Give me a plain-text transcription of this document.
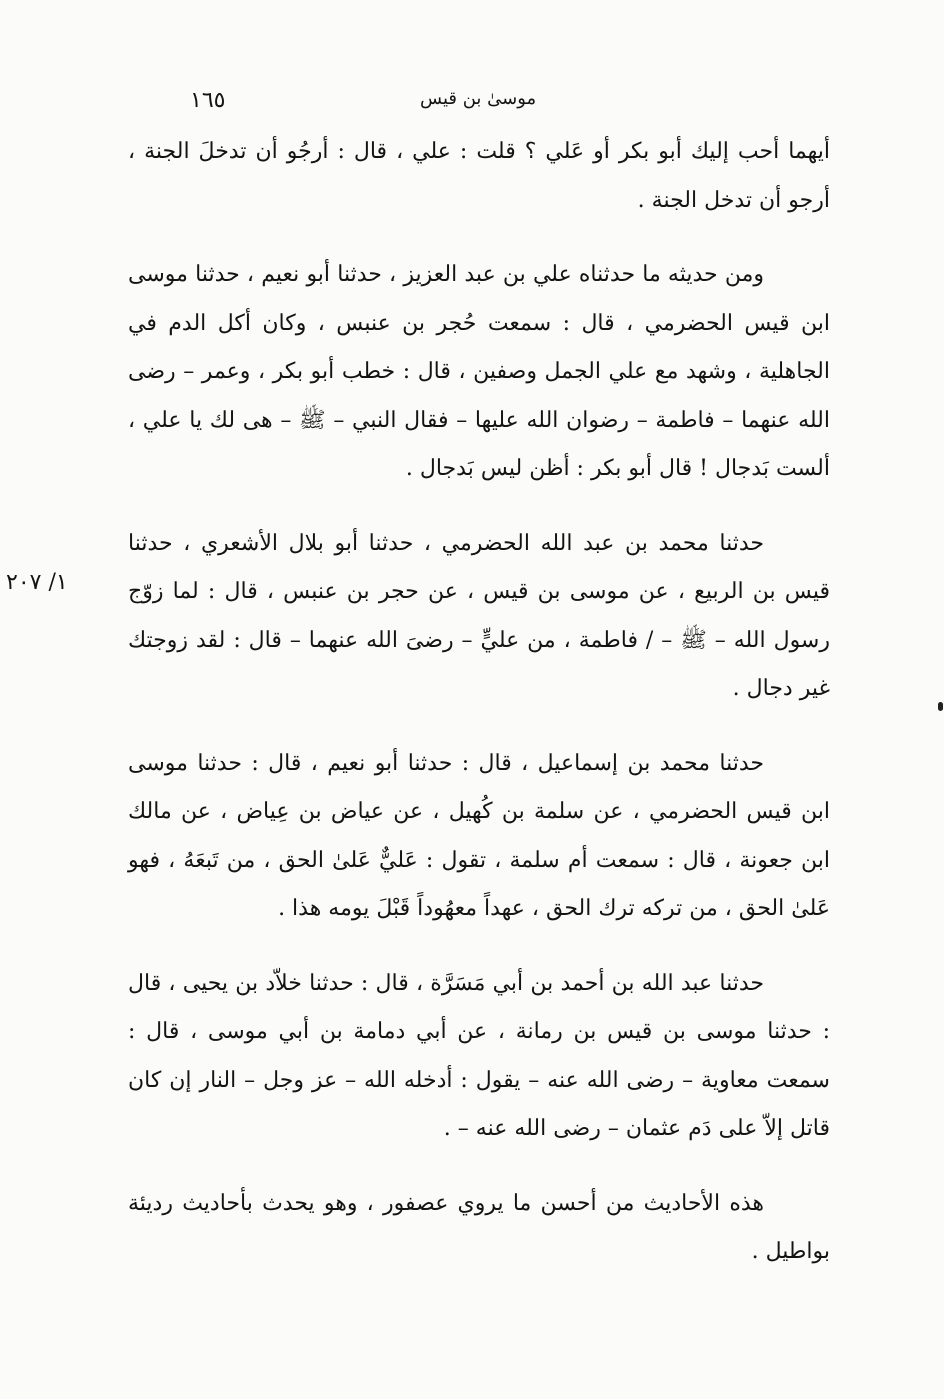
١٦٥	موسىٰ بن قيس
١/ ٢٠٧

أيهما أحب إليك أبو بكر أو عَلي ؟ قلت : علي ، قال : أرجُو أن تدخلَ الجنة ، أرجو أن تدخل الجنة .

ومن حديثه ما حدثناه علي بن عبد العزيز ، حدثنا أبو نعيم ، حدثنا موسى ابن قيس الحضرمي ، قال : سمعت حُجر بن عنبس ، وكان أكل الدم في الجاهلية ، وشهد مع علي الجمل وصفين ، قال : خطب أبو بكر ، وعمر – رضى الله عنهما – فاطمة – رضوان الله عليها – فقال النبي – ﷺ – هى لك يا علي ، ألست بَدجال ! قال أبو بكر : أظن ليس بَدجال .

حدثنا محمد بن عبد الله الحضرمي ، حدثنا أبو بلال الأشعري ، حدثنا قيس بن الربيع ، عن موسى بن قيس ، عن حجر بن عنبس ، قال : لما زوّج رسول الله – ﷺ – / فاطمة ، من عليٍّ – رضىَ الله عنهما – قال : لقد زوجتك غير دجال .

حدثنا محمد بن إسماعيل ، قال : حدثنا أبو نعيم ، قال : حدثنا موسى ابن قيس الحضرمي ، عن سلمة بن كُهيل ، عن عياض بن عِياض ، عن مالك ابن جعونة ، قال : سمعت أم سلمة ، تقول : عَليٌّ عَلىٰ الحق ، من تَبعَهُ ، فهو عَلىٰ الحق ، من تركه ترك الحق ، عهداً معهُوداً قَبْلَ يومه هذا .

حدثنا عبد الله بن أحمد بن أبي مَسَرَّة ، قال : حدثنا خلاّد بن يحيى ، قال : حدثنا موسى بن قيس بن رمانة ، عن أبي دمامة بن أبي موسى ، قال : سمعت معاوية – رضى الله عنه – يقول : أدخله الله – عز وجل – النار إن كان قاتل إلاّ على دَم عثمان – رضى الله عنه – .

هذه الأحاديث من أحسن ما يروي عصفور ، وهو يحدث بأحاديث رديئة بواطيل .
